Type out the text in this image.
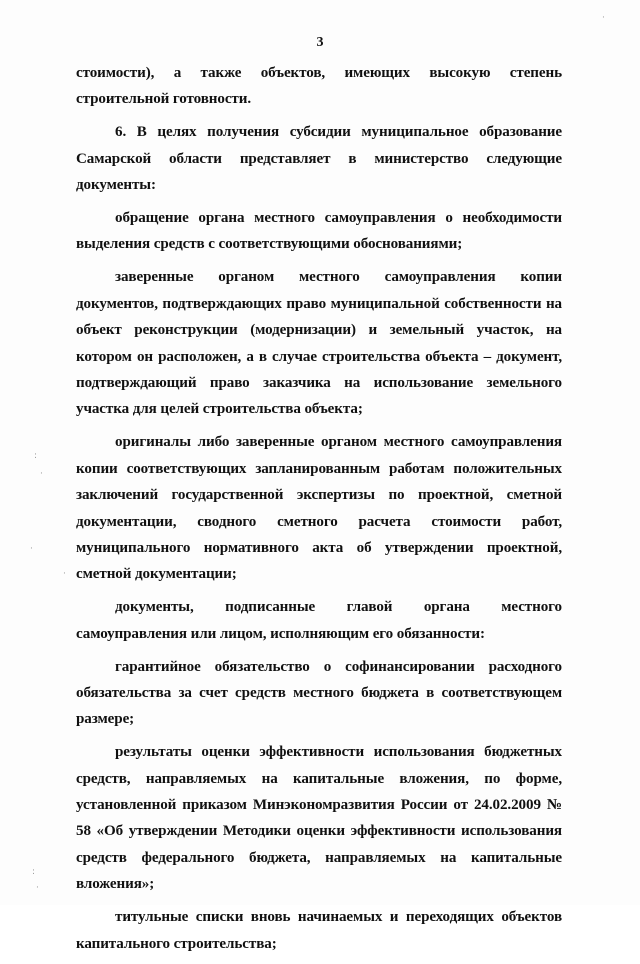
3

стоимости), а также объектов, имеющих высокую степень строительной готовности.

6. В целях получения субсидии муниципальное образование Самарской области представляет в министерство следующие документы:

обращение органа местного самоуправления о необходимости выделения средств с соответствующими обоснованиями;

заверенные органом местного самоуправления копии документов, подтверждающих право муниципальной собственности на объект реконструкции (модернизации) и земельный участок, на котором он расположен, а в случае строительства объекта – документ, подтверждающий право заказчика на использование земельного участка для целей строительства объекта;

оригиналы либо заверенные органом местного самоуправления копии соответствующих запланированным работам положительных заключений государственной экспертизы по проектной, сметной документации, сводного сметного расчета стоимости работ, муниципального нормативного акта об утверждении проектной, сметной документации;

документы, подписанные главой органа местного самоуправления или лицом, исполняющим его обязанности:

гарантийное обязательство о софинансировании расходного обязательства за счет средств местного бюджета в соответствующем размере;

результаты оценки эффективности использования бюджетных средств, направляемых на капитальные вложения, по форме, установленной приказом Минэкономразвития России от 24.02.2009 № 58 «Об утверждении Методики оценки эффективности использования средств федерального бюджета, направляемых на капитальные вложения»;

титульные списки вновь начинаемых и переходящих объектов капитального строительства;

:
·
·
·
:
·
·
